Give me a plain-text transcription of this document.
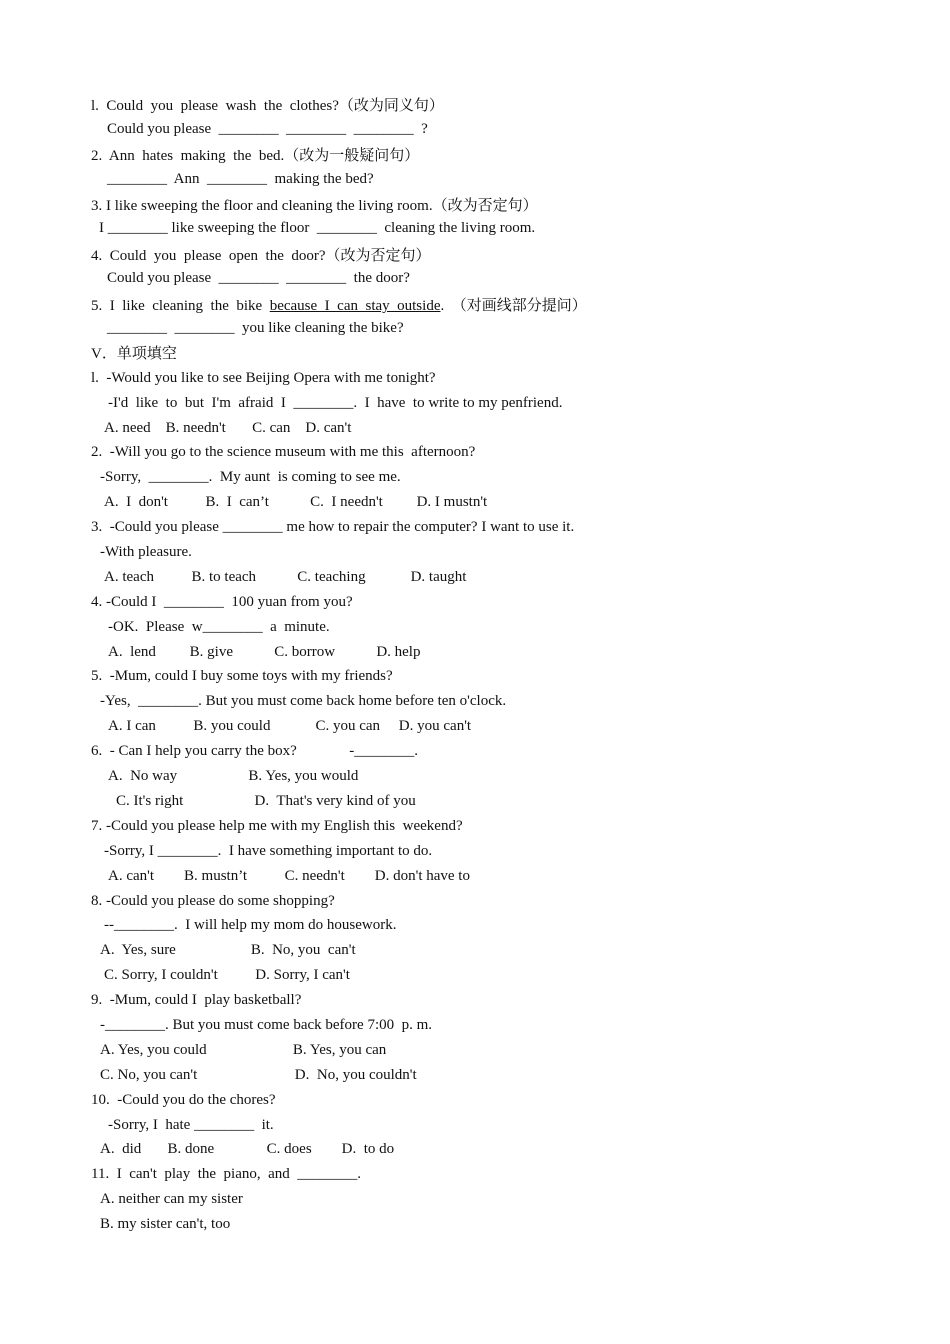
l.  Could  you  please  wash  the  clothes?（改为同义句）
Could you please  ________  ________  ________  ?
2.  Ann  hates  making  the  bed.（改为一般疑问句）
________  Ann  ________  making the bed?
3. I like sweeping the floor and cleaning the living room.（改为否定句）
I ________ like sweeping the floor  ________  cleaning the living room.
4.  Could  you  please  open  the  door?（改为否定句）
Could you please  ________  ________  the door?
5.  I  like  cleaning  the  bike  because  I  can  stay  outside.  （对画线部分提问）
________  ________  you like cleaning the bike?
V．单项填空
l.  -Would you like to see Beijing Opera with me tonight?
-I'd  like  to  but  I'm  afraid  I  ________.  I  have  to write to my penfriend.
A. need    B. needn't       C. can    D. can't
2.  -Will you go to the science museum with me this  afternoon?
-Sorry,  ________.  My aunt  is coming to see me.
A.  I  don't          B.  I  can’t           C.  I needn't         D. I mustn't
3.  -Could you please ________ me how to repair the computer? I want to use it.
-With pleasure.
A. teach          B. to teach           C. teaching            D. taught
4. -Could I  ________  100 yuan from you?
-OK.  Please  w________  a  minute.
A.  lend         B. give           C. borrow           D. help
5.  -Mum, could I buy some toys with my friends?
-Yes,  ________. But you must come back home before ten o'clock.
A. I can          B. you could            C. you can     D. you can't
6.  - Can I help you carry the box?              -________.
A.  No way                   B. Yes, you would
C. It's right                   D.  That's very kind of you
7. -Could you please help me with my English this  weekend?
-Sorry, I ________.  I have something important to do.
A. can't        B. mustn’t          C. needn't        D. don't have to
8. -Could you please do some shopping?
--________.  I will help my mom do housework.
A.  Yes, sure                    B.  No, you  can't
C. Sorry, I couldn't          D. Sorry, I can't
9.  -Mum, could I  play basketball?
-________. But you must come back before 7:00  p. m.
A. Yes, you could                       B. Yes, you can
C. No, you can't                          D.  No, you couldn't
10.  -Could you do the chores?
-Sorry, I  hate ________  it.
A.  did       B. done              C. does        D.  to do
11.  I  can't  play  the  piano,  and  ________.
A. neither can my sister
B. my sister can't, too
